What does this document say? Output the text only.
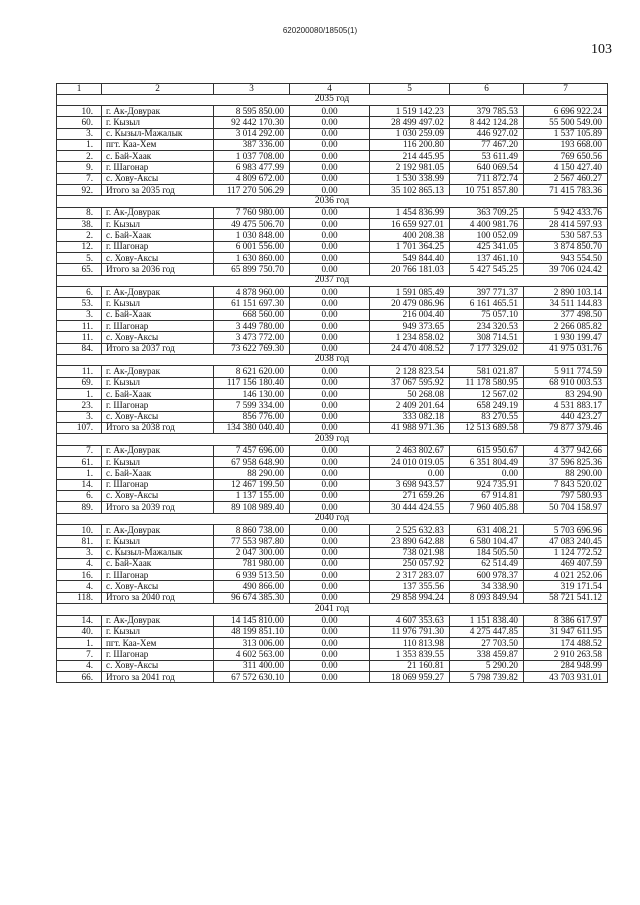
620200080/18505(1)
103
1	2	3	4	5	6	7
2035 год						
10.	г. Ак-Довурак	8 595 850.00	0.00	1 519 142.23	379 785.53	6 696 922.24
60.	г. Кызыл	92 442 170.30	0.00	28 499 497.02	8 442 124.28	55 500 549.00
3.	с. Кызыл-Мажалык	3 014 292.00	0.00	1 030 259.09	446 927.02	1 537 105.89
1.	пгт. Каа-Хем	387 336.00	0.00	116 200.80	77 467.20	193 668.00
2.	с. Бай-Хаак	1 037 708.00	0.00	214 445.95	53 611.49	769 650.56
9.	г. Шагонар	6 983 477.99	0.00	2 192 981.05	640 069.54	4 150 427.40
7.	с. Хову-Аксы	4 809 672.00	0.00	1 530 338.99	711 872.74	2 567 460.27
92.	Итого за 2035 год	117 270 506.29	0.00	35 102 865.13	10 751 857.80	71 415 783.36
2036 год						
8.	г. Ак-Довурак	7 760 980.00	0.00	1 454 836.99	363 709.25	5 942 433.76
38.	г. Кызыл	49 475 506.70	0.00	16 659 927.01	4 400 981.76	28 414 597.93
2.	с. Бай-Хаак	1 030 848.00	0.00	400 208.38	100 052.09	530 587.53
12.	г. Шагонар	6 001 556.00	0.00	1 701 364.25	425 341.05	3 874 850.70
5.	с. Хову-Аксы	1 630 860.00	0.00	549 844.40	137 461.10	943 554.50
65.	Итого за 2036 год	65 899 750.70	0.00	20 766 181.03	5 427 545.25	39 706 024.42
2037 год						
6.	г. Ак-Довурак	4 878 960.00	0.00	1 591 085.49	397 771.37	2 890 103.14
53.	г. Кызыл	61 151 697.30	0.00	20 479 086.96	6 161 465.51	34 511 144.83
3.	с. Бай-Хаак	668 560.00	0.00	216 004.40	75 057.10	377 498.50
11.	г. Шагонар	3 449 780.00	0.00	949 373.65	234 320.53	2 266 085.82
11.	с. Хову-Аксы	3 473 772.00	0.00	1 234 858.02	308 714.51	1 930 199.47
84.	Итого за 2037 год	73 622 769.30	0.00	24 470 408.52	7 177 329.02	41 975 031.76
2038 год						
11.	г. Ак-Довурак	8 621 620.00	0.00	2 128 823.54	581 021.87	5 911 774.59
69.	г. Кызыл	117 156 180.40	0.00	37 067 595.92	11 178 580.95	68 910 003.53
1.	с. Бай-Хаак	146 130.00	0.00	50 268.08	12 567.02	83 294.90
23.	г. Шагонар	7 599 334.00	0.00	2 409 201.64	658 249.19	4 531 883.17
3.	с. Хову-Аксы	856 776.00	0.00	333 082.18	83 270.55	440 423.27
107.	Итого за 2038 год	134 380 040.40	0.00	41 988 971.36	12 513 689.58	79 877 379.46
2039 год						
7.	г. Ак-Довурак	7 457 696.00	0.00	2 463 802.67	615 950.67	4 377 942.66
61.	г. Кызыл	67 958 648.90	0.00	24 010 019.05	6 351 804.49	37 596 825.36
1.	с. Бай-Хаак	88 290.00	0.00	0.00	0.00	88 290.00
14.	г. Шагонар	12 467 199.50	0.00	3 698 943.57	924 735.91	7 843 520.02
6.	с. Хову-Аксы	1 137 155.00	0.00	271 659.26	67 914.81	797 580.93
89.	Итого за 2039 год	89 108 989.40	0.00	30 444 424.55	7 960 405.88	50 704 158.97
2040 год						
10.	г. Ак-Довурак	8 860 738.00	0.00	2 525 632.83	631 408.21	5 703 696.96
81.	г. Кызыл	77 553 987.80	0.00	23 890 642.88	6 580 104.47	47 083 240.45
3.	с. Кызыл-Мажалык	2 047 300.00	0.00	738 021.98	184 505.50	1 124 772.52
4.	с. Бай-Хаак	781 980.00	0.00	250 057.92	62 514.49	469 407.59
16.	г. Шагонар	6 939 513.50	0.00	2 317 283.07	600 978.37	4 021 252.06
4.	с. Хову-Аксы	490 866.00	0.00	137 355.56	34 338.90	319 171.54
118.	Итого за 2040 год	96 674 385.30	0.00	29 858 994.24	8 093 849.94	58 721 541.12
2041 год						
14.	г. Ак-Довурак	14 145 810.00	0.00	4 607 353.63	1 151 838.40	8 386 617.97
40.	г. Кызыл	48 199 851.10	0.00	11 976 791.30	4 275 447.85	31 947 611.95
1.	пгт. Каа-Хем	313 006.00	0.00	110 813.98	27 703.50	174 488.52
7.	г. Шагонар	4 602 563.00	0.00	1 353 839.55	338 459.87	2 910 263.58
4.	с. Хову-Аксы	311 400.00	0.00	21 160.81	5 290.20	284 948.99
66.	Итого за 2041 год	67 572 630.10	0.00	18 069 959.27	5 798 739.82	43 703 931.01
